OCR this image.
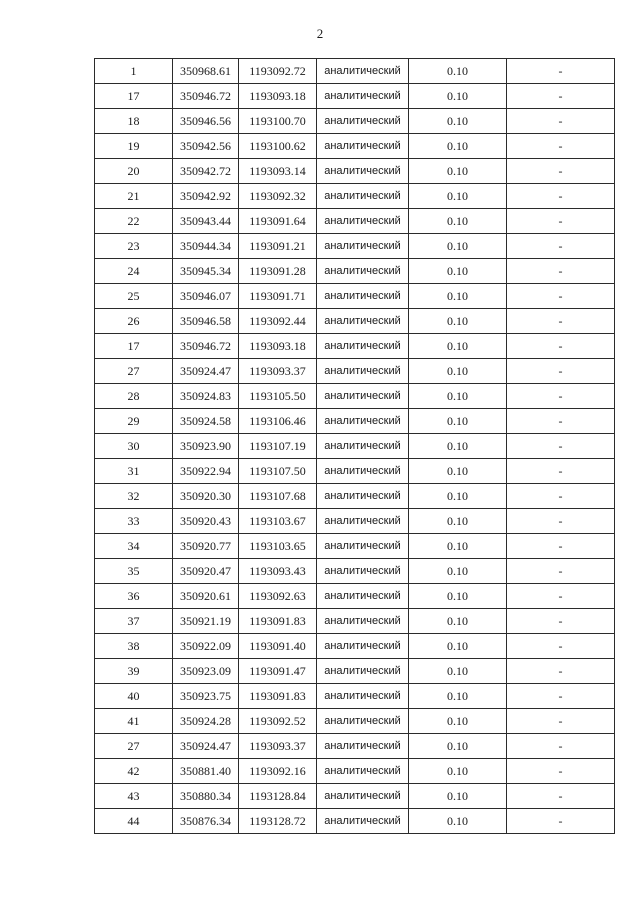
2
1	350968.61	1193092.72	аналитический	0.10	-
17	350946.72	1193093.18	аналитический	0.10	-
18	350946.56	1193100.70	аналитический	0.10	-
19	350942.56	1193100.62	аналитический	0.10	-
20	350942.72	1193093.14	аналитический	0.10	-
21	350942.92	1193092.32	аналитический	0.10	-
22	350943.44	1193091.64	аналитический	0.10	-
23	350944.34	1193091.21	аналитический	0.10	-
24	350945.34	1193091.28	аналитический	0.10	-
25	350946.07	1193091.71	аналитический	0.10	-
26	350946.58	1193092.44	аналитический	0.10	-
17	350946.72	1193093.18	аналитический	0.10	-
27	350924.47	1193093.37	аналитический	0.10	-
28	350924.83	1193105.50	аналитический	0.10	-
29	350924.58	1193106.46	аналитический	0.10	-
30	350923.90	1193107.19	аналитический	0.10	-
31	350922.94	1193107.50	аналитический	0.10	-
32	350920.30	1193107.68	аналитический	0.10	-
33	350920.43	1193103.67	аналитический	0.10	-
34	350920.77	1193103.65	аналитический	0.10	-
35	350920.47	1193093.43	аналитический	0.10	-
36	350920.61	1193092.63	аналитический	0.10	-
37	350921.19	1193091.83	аналитический	0.10	-
38	350922.09	1193091.40	аналитический	0.10	-
39	350923.09	1193091.47	аналитический	0.10	-
40	350923.75	1193091.83	аналитический	0.10	-
41	350924.28	1193092.52	аналитический	0.10	-
27	350924.47	1193093.37	аналитический	0.10	-
42	350881.40	1193092.16	аналитический	0.10	-
43	350880.34	1193128.84	аналитический	0.10	-
44	350876.34	1193128.72	аналитический	0.10	-
